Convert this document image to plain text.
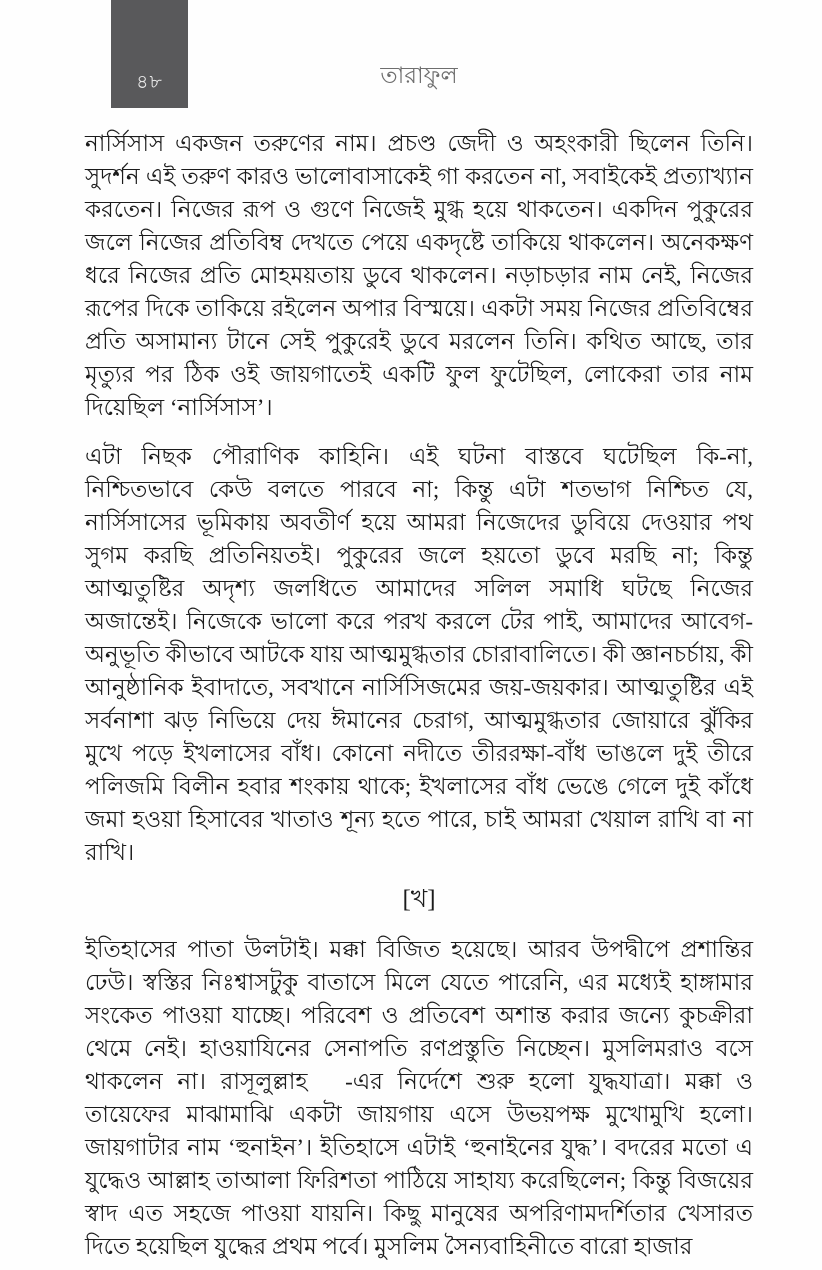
৪৮	তারাফুল

নার্সিসাস একজন তরুণের নাম। প্রচণ্ড জেদী ও অহংকারী ছিলেন তিনি। সুদর্শন এই তরুণ কারও ভালোবাসাকেই গা করতেন না, সবাইকেই প্রত্যাখ্যান করতেন। নিজের রূপ ও গুণে নিজেই মুগ্ধ হয়ে থাকতেন। একদিন পুকুরের জলে নিজের প্রতিবিম্ব দেখতে পেয়ে একদৃষ্টে তাকিয়ে থাকলেন। অনেকক্ষণ ধরে নিজের প্রতি মোহময়তায় ডুবে থাকলেন। নড়াচড়ার নাম নেই, নিজের রূপের দিকে তাকিয়ে রইলেন অপার বিস্ময়ে। একটা সময় নিজের প্রতিবিম্বের প্রতি অসামান্য টানে সেই পুকুরেই ডুবে মরলেন তিনি। কথিত আছে, তার মৃত্যুর পর ঠিক ওই জায়গাতেই একটি ফুল ফুটেছিল, লোকেরা তার নাম দিয়েছিল ‘নার্সিসাস’।

এটা নিছক পৌরাণিক কাহিনি। এই ঘটনা বাস্তবে ঘটেছিল কি-না, নিশ্চিতভাবে কেউ বলতে পারবে না; কিন্তু এটা শতভাগ নিশ্চিত যে, নার্সিসাসের ভূমিকায় অবতীর্ণ হয়ে আমরা নিজেদের ডুবিয়ে দেওয়ার পথ সুগম করছি প্রতিনিয়তই। পুকুরের জলে হয়তো ডুবে মরছি না; কিন্তু আত্মতুষ্টির অদৃশ্য জলধিতে আমাদের সলিল সমাধি ঘটছে নিজের অজান্তেই। নিজেকে ভালো করে পরখ করলে টের পাই, আমাদের আবেগ-অনুভূতি কীভাবে আটকে যায় আত্মমুগ্ধতার চোরাবালিতে। কী জ্ঞানচর্চায়, কী আনুষ্ঠানিক ইবাদাতে, সবখানে নার্সিসিজমের জয়-জয়কার। আত্মতুষ্টির এই সর্বনাশা ঝড় নিভিয়ে দেয় ঈমানের চেরাগ, আত্মমুগ্ধতার জোয়ারে ঝুঁকির মুখে পড়ে ইখলাসের বাঁধ। কোনো নদীতে তীররক্ষা-বাঁধ ভাঙলে দুই তীরে পলিজমি বিলীন হবার শংকায় থাকে; ইখলাসের বাঁধ ভেঙে গেলে দুই কাঁধে জমা হওয়া হিসাবের খাতাও শূন্য হতে পারে, চাই আমরা খেয়াল রাখি বা না রাখি।

[খ]

ইতিহাসের পাতা উলটাই। মক্কা বিজিত হয়েছে। আরব উপদ্বীপে প্রশান্তির ঢেউ। স্বস্তির নিঃশ্বাসটুকু বাতাসে মিলে যেতে পারেনি, এর মধ্যেই হাঙ্গামার সংকেত পাওয়া যাচ্ছে। পরিবেশ ও প্রতিবেশ অশান্ত করার জন্যে কুচক্রীরা থেমে নেই। হাওয়াযিনের সেনাপতি রণপ্রস্তুতি নিচ্ছেন। মুসলিমরাও বসে থাকলেন না। রাসূলুল্লাহ  -এর নির্দেশে শুরু হলো যুদ্ধযাত্রা। মক্কা ও তায়েফের মাঝামাঝি একটা জায়গায় এসে উভয়পক্ষ মুখোমুখি হলো। জায়গাটার নাম ‘হুনাইন’। ইতিহাসে এটাই ‘হুনাইনের যুদ্ধ’। বদরের মতো এ যুদ্ধেও আল্লাহ তাআলা ফিরিশতা পাঠিয়ে সাহায্য করেছিলেন; কিন্তু বিজয়ের স্বাদ এত সহজে পাওয়া যায়নি। কিছু মানুষের অপরিণামদর্শিতার খেসারত দিতে হয়েছিল যুদ্ধের প্রথম পর্বে। মুসলিম সৈন্যবাহিনীতে বারো হাজার
